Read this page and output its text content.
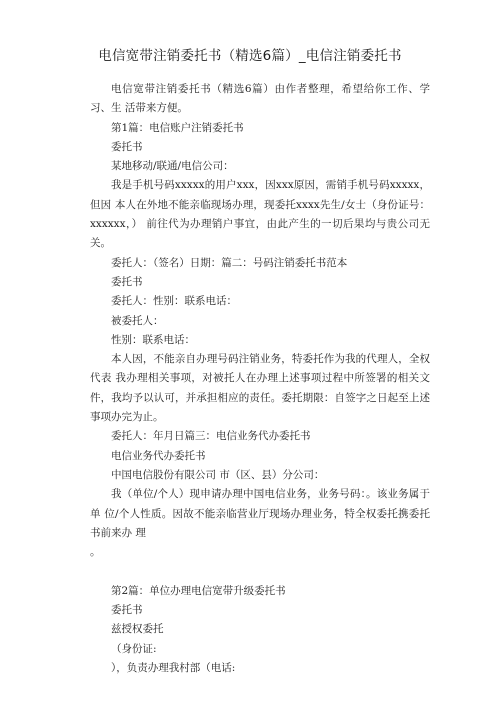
电信宽带注销委托书（精选6篇）_电信注销委托书

电信宽带注销委托书（精选6篇）由作者整理，希望给你工作、学习、生 活带来方便。

第1篇：电信账户注销委托书

委托书

某地移动/联通/电信公司：

我是手机号码xxxxx的用户xxx，因xxx原因，需销手机号码xxxxx，但因 本人在外地不能亲临现场办理，现委托xxxx先生/女士（身份证号：xxxxxx，） 前往代为办理销户事宜，由此产生的一切后果均与贵公司无关。

委托人：（签名）日期：篇二：号码注销委托书范本

委托书

委托人：性别：联系电话：

被委托人：

性别：联系电话：

本人因，不能亲自办理号码注销业务，特委托作为我的代理人，全权代表 我办理相关事项，对被托人在办理上述事项过程中所签署的相关文件，我均予以认可，并承担相应的责任。委托期限：自签字之日起至上述事项办完为止。

委托人：年月日篇三：电信业务代办委托书

电信业务代办委托书

中国电信股份有限公司 市（区、县）分公司：

我（单位/个人）现申请办理中国电信业务，业务号码：。该业务属于单 位/个人性质。因故不能亲临营业厅现场办理业务，特全权委托携委托书前来办 理

。

第2篇：单位办理电信宽带升级委托书

委托书

兹授权委托

（身份证:

），负责办理我村部（电话:
